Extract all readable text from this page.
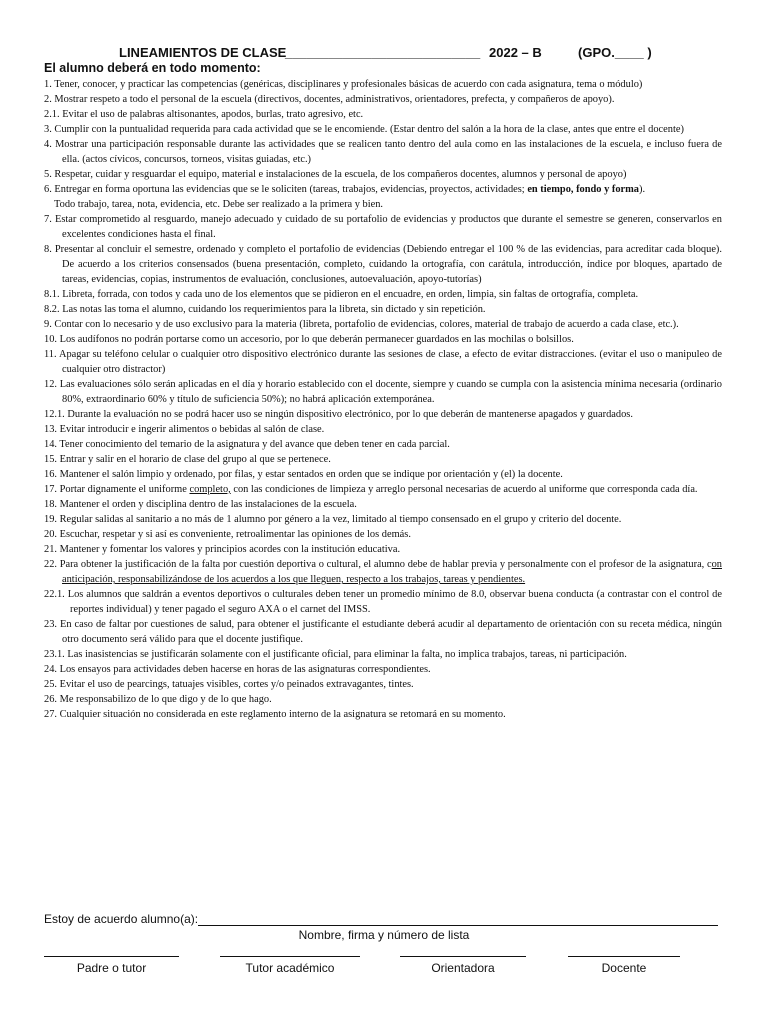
LINEAMIENTOS DE CLASE
___________________________ 2022 – B	(GPO.____ )
El alumno deberá en todo momento:
1. Tener, conocer, y practicar las competencias (genéricas, disciplinares y profesionales básicas de acuerdo con cada asignatura, tema o módulo)
2. Mostrar respeto a todo el personal de la escuela (directivos, docentes, administrativos, orientadores, prefecta, y compañeros de apoyo).
2.1. Evitar el uso de palabras altisonantes, apodos, burlas, trato agresivo, etc.
3. Cumplir con la puntualidad requerida para cada actividad que se le encomiende. (Estar dentro del salón a la hora de la clase, antes que entre el docente)
4. Mostrar una participación responsable durante las actividades que se realicen tanto dentro del aula como en las instalaciones de la escuela, e incluso fuera de ella. (actos cívicos, concursos, torneos, visitas guiadas, etc.)
5. Respetar, cuidar y resguardar el equipo, material e instalaciones de la escuela, de los compañeros docentes, alumnos y personal de apoyo)
6. Entregar en forma oportuna las evidencias que se le soliciten (tareas, trabajos, evidencias, proyectos, actividades; en tiempo, fondo y forma).
Todo trabajo, tarea, nota, evidencia, etc. Debe ser realizado a la primera y bien.
7. Estar comprometido al resguardo, manejo adecuado y cuidado de su portafolio de evidencias y productos que durante el semestre se generen, conservarlos en excelentes condiciones hasta el final.
8. Presentar al concluir el semestre, ordenado y completo el portafolio de evidencias (Debiendo entregar el 100 % de las evidencias, para acreditar cada bloque). De acuerdo a los criterios consensados (buena presentación, completo, cuidando la ortografía, con carátula, introducción, índice por bloques, apartado de tareas, evidencias, copias, instrumentos de evaluación, conclusiones, autoevaluación, apoyo-tutorías)
8.1. Libreta, forrada, con todos y cada uno de los elementos que se pidieron en el encuadre, en orden, limpia, sin faltas de ortografía, completa.
8.2. Las notas las toma el alumno, cuidando los requerimientos para la libreta, sin dictado y sin repetición.
9. Contar con lo necesario y de uso exclusivo para la materia (libreta, portafolio de evidencias, colores, material de trabajo de acuerdo a cada clase, etc.).
10. Los audífonos no podrán portarse como un accesorio, por lo que deberán permanecer guardados en las mochilas o bolsillos.
11. Apagar su teléfono celular o cualquier otro dispositivo electrónico durante las sesiones de clase, a efecto de evitar distracciones. (evitar el uso o manipuleo de cualquier otro distractor)
12. Las evaluaciones sólo serán aplicadas en el día y horario establecido con el docente, siempre y cuando se cumpla con la asistencia mínima necesaria (ordinario 80%, extraordinario 60% y título de suficiencia 50%); no habrá aplicación extemporánea.
12.1. Durante la evaluación no se podrá hacer uso se ningún dispositivo electrónico, por lo que deberán de mantenerse apagados y guardados.
13. Evitar introducir e ingerir alimentos o bebidas al salón de clase.
14. Tener conocimiento del temario de la asignatura y del avance que deben tener en cada parcial.
15. Entrar y salir en el horario de clase del grupo al que se pertenece.
16. Mantener el salón limpio y ordenado, por filas, y estar sentados en orden que se indique por orientación y (el) la docente.
17. Portar dignamente el uniforme completo, con las condiciones de limpieza y arreglo personal necesarias de acuerdo al uniforme que corresponda cada día.
18. Mantener el orden y disciplina dentro de las instalaciones de la escuela.
19. Regular salidas al sanitario a no más de 1 alumno por género a la vez, limitado al tiempo consensado en el grupo y criterio del docente.
20. Escuchar, respetar y si así es conveniente, retroalimentar las opiniones de los demás.
21. Mantener y fomentar los valores y principios acordes con la institución educativa.
22. Para obtener la justificación de la falta por cuestión deportiva o cultural, el alumno debe de hablar previa y personalmente con el profesor de la asignatura, con anticipación, responsabilizándose de los acuerdos a los que lleguen, respecto a los trabajos, tareas y pendientes.
22.1. Los alumnos que saldrán a eventos deportivos o culturales deben tener un promedio mínimo de 8.0, observar buena conducta (a contrastar con el control de reportes individual) y tener pagado el seguro AXA o el carnet del IMSS.
23. En caso de faltar por cuestiones de salud, para obtener el justificante el estudiante deberá acudir al departamento de orientación con su receta médica, ningún otro documento será válido para que el docente justifique.
23.1. Las inasistencias se justificarán solamente con el justificante oficial, para eliminar la falta, no implica trabajos, tareas, ni participación.
24. Los ensayos para actividades deben hacerse en horas de las asignaturas correspondientes.
25. Evitar el uso de pearcings, tatuajes visibles, cortes y/o peinados extravagantes, tintes.
26. Me responsabilizo de lo que digo y de lo que hago.
27. Cualquier situación no considerada en este reglamento interno de la asignatura se retomará en su momento.
Estoy de acuerdo alumno(a):
Nombre, firma y número de lista
Padre o tutor	Tutor académico	Orientadora	Docente
